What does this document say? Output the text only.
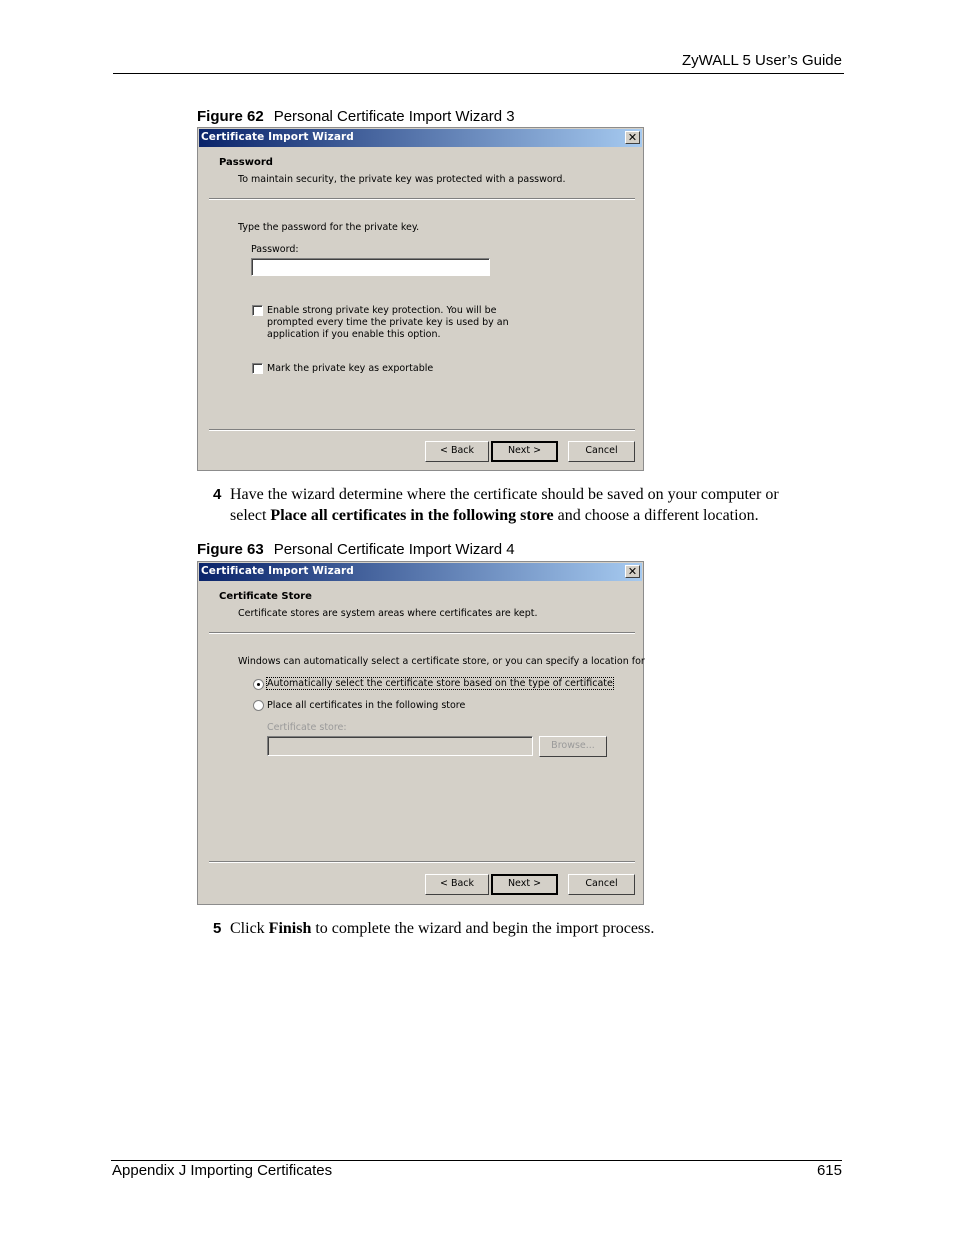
ZyWALL 5 User’s Guide
Figure 62 Personal Certificate Import Wizard 3
Certificate Import Wizard	✕
Password
To maintain security, the private key was protected with a password.
Type the password for the private key.
Password:
Enable strong private key protection. You will be
prompted every time the private key is used by an
application if you enable this option.
Mark the private key as exportable
< Back	Next >	Cancel
4 Have the wizard determine where the certificate should be saved on your computer or
select Place all certificates in the following store and choose a different location.
Figure 63 Personal Certificate Import Wizard 4
Certificate Import Wizard	✕
Certificate Store
Certificate stores are system areas where certificates are kept.
Windows can automatically select a certificate store, or you can specify a location for
Automatically select the certificate store based on the type of certificate
Place all certificates in the following store
Certificate store:
Browse...
< Back	Next >	Cancel
5 Click Finish to complete the wizard and begin the import process.
Appendix J Importing Certificates	615
